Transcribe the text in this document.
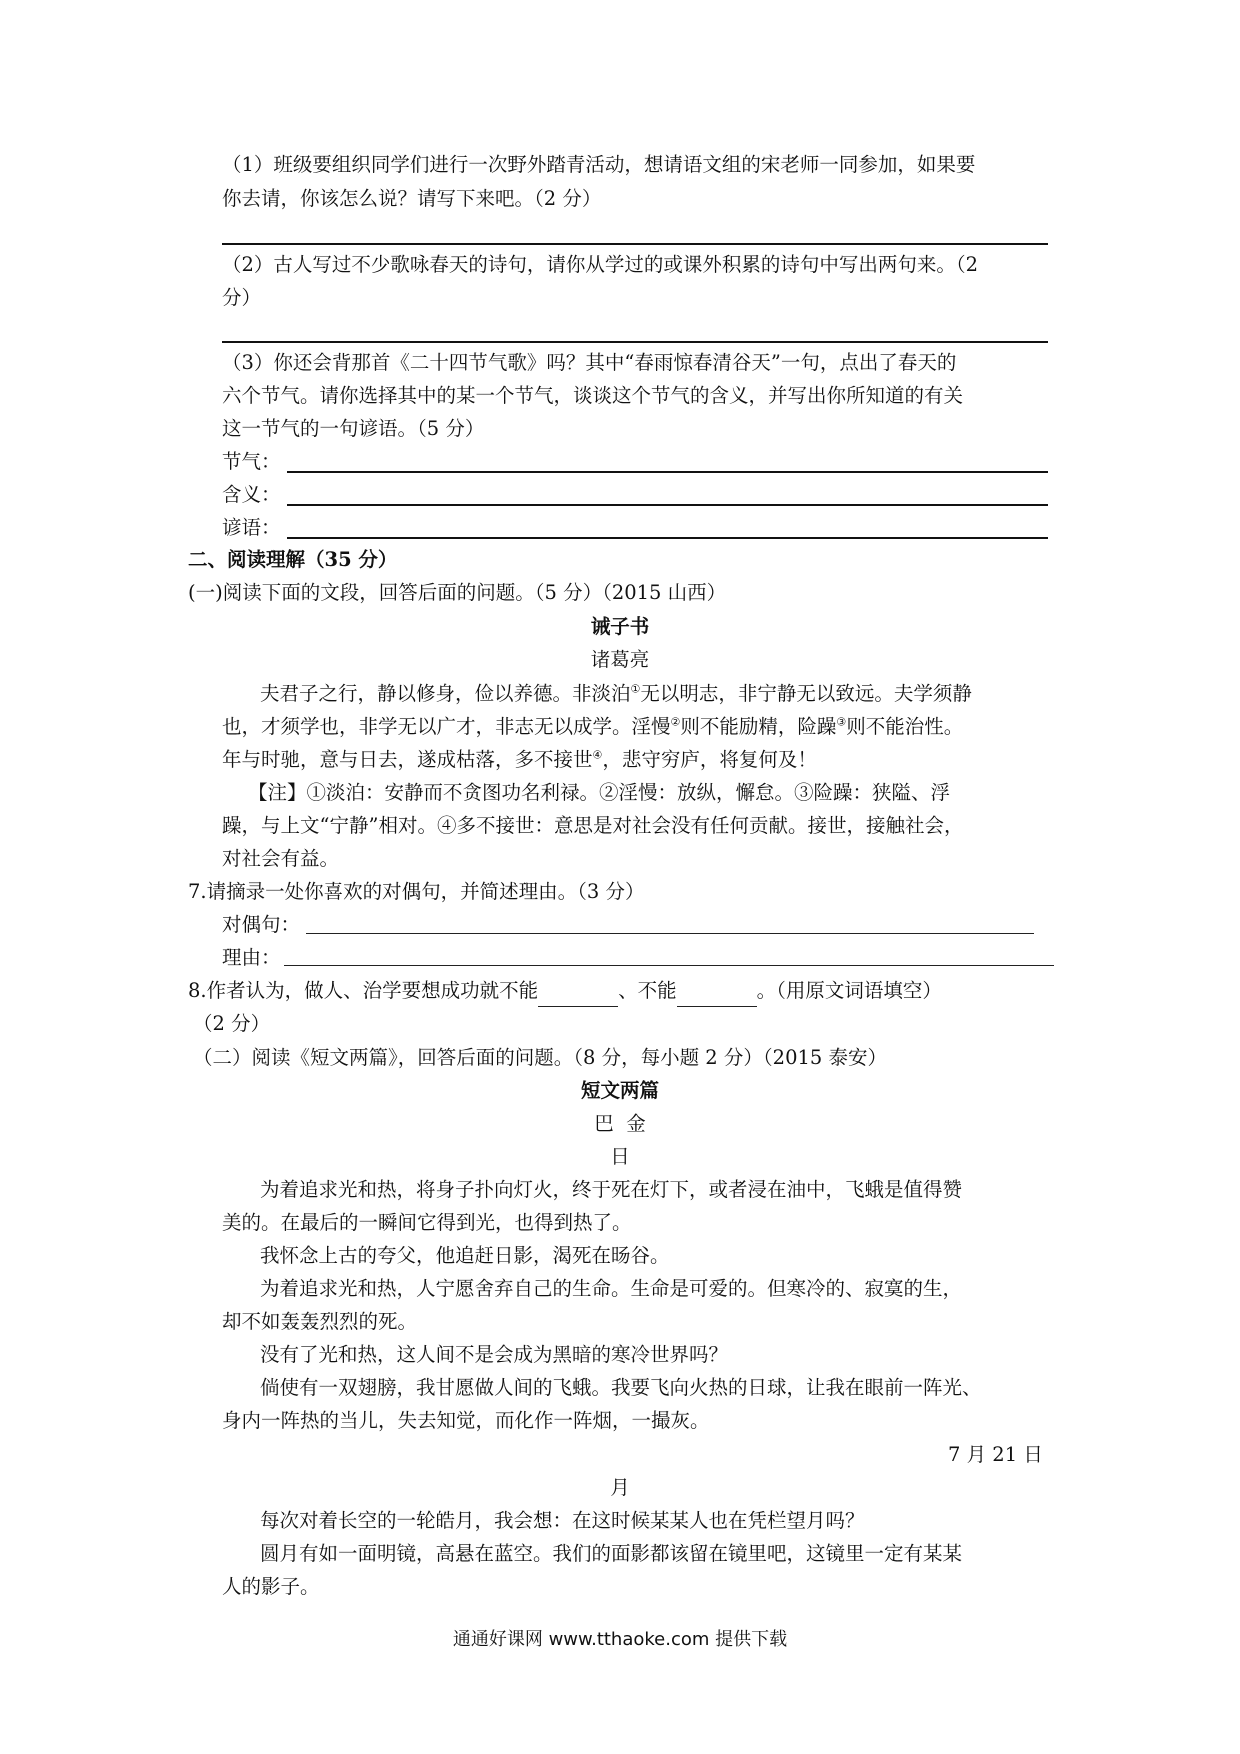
（1）班级要组织同学们进行一次野外踏青活动，想请语文组的宋老师一同参加，如果要
你去请，你该怎么说？请写下来吧。（2 分）
（2）古人写过不少歌咏春天的诗句，请你从学过的或课外积累的诗句中写出两句来。（2
分）
（3）你还会背那首《二十四节气歌》吗？其中“春雨惊春清谷天”一句，点出了春天的
六个节气。请你选择其中的某一个节气，谈谈这个节气的含义，并写出你所知道的有关
这一节气的一句谚语。（5 分）
节气：
含义：
谚语：
二、阅读理解（35 分）
(一)阅读下面的文段，回答后面的问题。（5 分）（2015 山西）
诫子书
诸葛亮
夫君子之行，静以修身，俭以养德。非淡泊①无以明志，非宁静无以致远。夫学须静
也，才须学也，非学无以广才，非志无以成学。淫慢②则不能励精，险躁③则不能治性。
年与时驰，意与日去，遂成枯落，多不接世④，悲守穷庐，将复何及！
【注】①淡泊：安静而不贪图功名利禄。②淫慢：放纵，懈怠。③险躁：狭隘、浮
躁，与上文“宁静”相对。④多不接世：意思是对社会没有任何贡献。接世，接触社会，
对社会有益。
7.请摘录一处你喜欢的对偶句，并简述理由。（3 分）
对偶句：
理由：
8.作者认为，做人、治学要想成功就不能	、不能	。（用原文词语填空）
（2 分）
（二）阅读《短文两篇》，回答后面的问题。（8 分，每小题 2 分）（2015 泰安）
短文两篇
巴  金
日
为着追求光和热，将身子扑向灯火，终于死在灯下，或者浸在油中，飞蛾是值得赞
美的。在最后的一瞬间它得到光，也得到热了。
我怀念上古的夸父，他追赶日影，渴死在旸谷。
为着追求光和热，人宁愿舍弃自己的生命。生命是可爱的。但寒冷的、寂寞的生，
却不如轰轰烈烈的死。
没有了光和热，这人间不是会成为黑暗的寒冷世界吗？
倘使有一双翅膀，我甘愿做人间的飞蛾。我要飞向火热的日球，让我在眼前一阵光、
身内一阵热的当儿，失去知觉，而化作一阵烟，一撮灰。
7 月 21 日
月
每次对着长空的一轮皓月，我会想：在这时候某某人也在凭栏望月吗？
圆月有如一面明镜，高悬在蓝空。我们的面影都该留在镜里吧，这镜里一定有某某
人的影子。
通通好课网 www.tthaoke.com 提供下载
